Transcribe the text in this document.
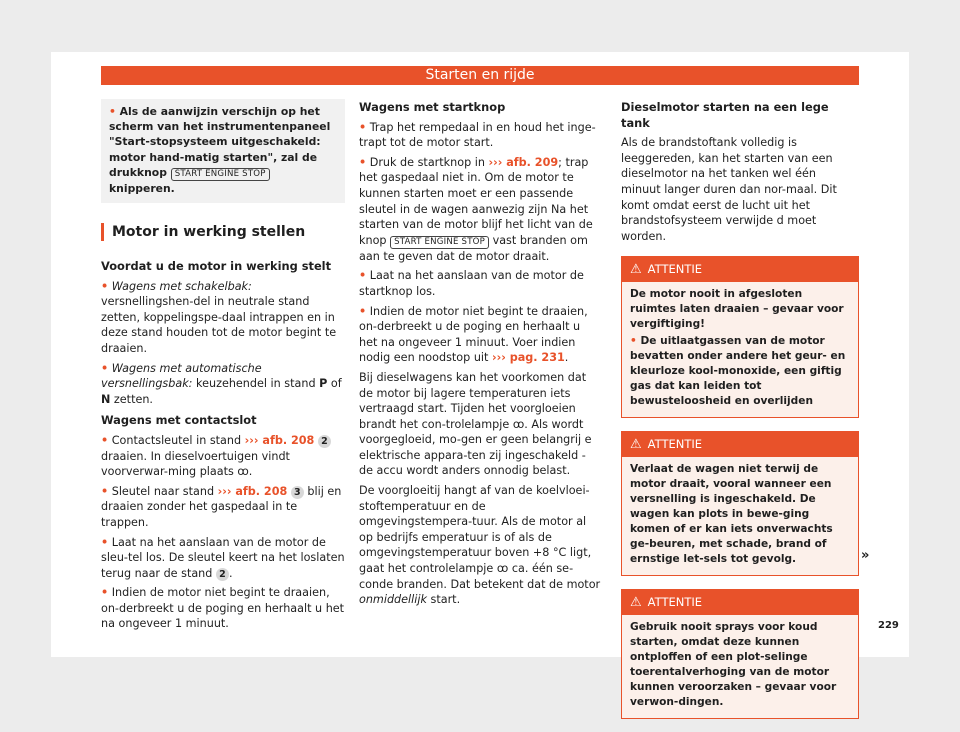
Starten en rijde
• Als de aanwijzin verschijn op het scherm van het instrumentenpaneel "Start-stopsysteem uitgeschakeld: motor hand-matig starten", zal de drukknop START ENGINE STOP knipperen.
Motor in werking stellen

Voordat u de motor in werking stelt

• Wagens met schakelbak: versnellingshen-del in neutrale stand zetten, koppelingspe-daal intrappen en in deze stand houden tot de motor begint te draaien.

• Wagens met automatische versnellingsbak: keuzehendel in stand P of N zetten.

Wagens met contactslot

• Contactsleutel in stand ››› afb. 208 2 draaien. In dieselvoertuigen vindt voorverwar-ming plaats ꝏ.

• Sleutel naar stand ››› afb. 208 3 blij en draaien zonder het gaspedaal in te trappen.

• Laat na het aanslaan van de motor de sleu-tel los. De sleutel keert na het loslaten terug naar de stand 2 .

• Indien de motor niet begint te draaien, on-derbreekt u de poging en herhaalt u het na ongeveer 1 minuut.

Wagens met startknop

• Trap het rempedaal in en houd het inge-trapt tot de motor start.

• Druk de startknop in ››› afb. 209; trap het gaspedaal niet in. Om de motor te kunnen starten moet er een passende sleutel in de wagen aanwezig zijn Na het starten van de motor blijf het licht van de knop START ENGINE STOP vast branden om aan te geven dat de motor draait.

• Laat na het aanslaan van de motor de startknop los.

• Indien de motor niet begint te draaien, on-derbreekt u de poging en herhaalt u het na ongeveer 1 minuut. Voer indien nodig een noodstop uit ››› pag. 231.

Bij dieselwagens kan het voorkomen dat de motor bij lagere temperaturen iets vertraagd start. Tijden het voorgloeien brandt het con-trolelampje ꝏ. Als wordt voorgegloeid, mo-gen er geen belangrij e elektrische appara-ten zij ingeschakeld - de accu wordt anders onnodig belast.

De voorgloeitij hangt af van de koelvloei-stoftemperatuur en de omgevingstempera-tuur. Als de motor al op bedrijfs emperatuur is of als de omgevingstemperatuur boven +8 °C ligt, gaat het controlelampje ꝏ ca. één se-conde branden. Dat betekent dat de motor onmiddellijk start.

Dieselmotor starten na een lege tank

Als de brandstoftank volledig is leeggereden, kan het starten van een dieselmotor na het tanken wel één minuut langer duren dan nor-maal. Dit komt omdat eerst de lucht uit het brandstofsysteem verwijde d moet worden.

⚠ ATTENTIE

De motor nooit in afgesloten ruimtes laten draaien – gevaar voor vergiftiging!

• De uitlaatgassen van de motor bevatten onder andere het geur- en kleurloze kool-monoxide, een giftig gas dat kan leiden tot bewusteloosheid en overlijden

⚠ ATTENTIE

Verlaat de wagen niet terwij de motor draait, vooral wanneer een versnelling is ingeschakeld. De wagen kan plots in bewe-ging komen of er kan iets onverwachts ge-beuren, met schade, brand of ernstige let-sels tot gevolg.

⚠ ATTENTIE

Gebruik nooit sprays voor koud starten, omdat deze kunnen ontploffen of een plot-selinge toerentalverhoging van de motor kunnen veroorzaken – gevaar voor verwon-dingen.

»
229
